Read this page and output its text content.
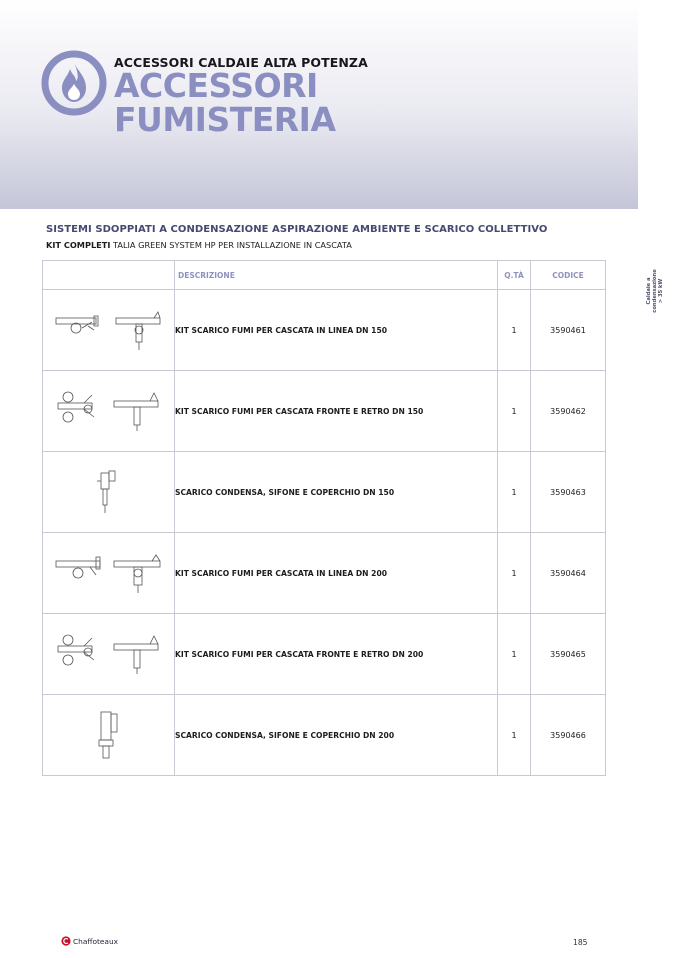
ACCESSORI CALDAIE ALTA POTENZA
ACCESSORI
FUMISTERIA
SISTEMI SDOPPIATI A CONDENSAZIONE ASPIRAZIONE AMBIENTE E SCARICO COLLETTIVO
KIT COMPLETI TALIA GREEN SYSTEM HP PER INSTALLAZIONE IN CASCATA
Caldaie a
condensazione
> 35 kW
	DESCRIZIONE	Q.TÀ	CODICE

	KIT SCARICO FUMI PER CASCATA IN LINEA DN 150	1	3590461

	KIT SCARICO FUMI PER CASCATA FRONTE E RETRO DN 150	1	3590462

	SCARICO CONDENSA, SIFONE E COPERCHIO DN 150	1	3590463

	KIT SCARICO FUMI PER CASCATA IN LINEA DN 200	1	3590464

	KIT SCARICO FUMI PER CASCATA FRONTE E RETRO DN 200	1	3590465

	SCARICO CONDENSA, SIFONE E COPERCHIO DN 200	1	3590466
Chaffoteaux	185
